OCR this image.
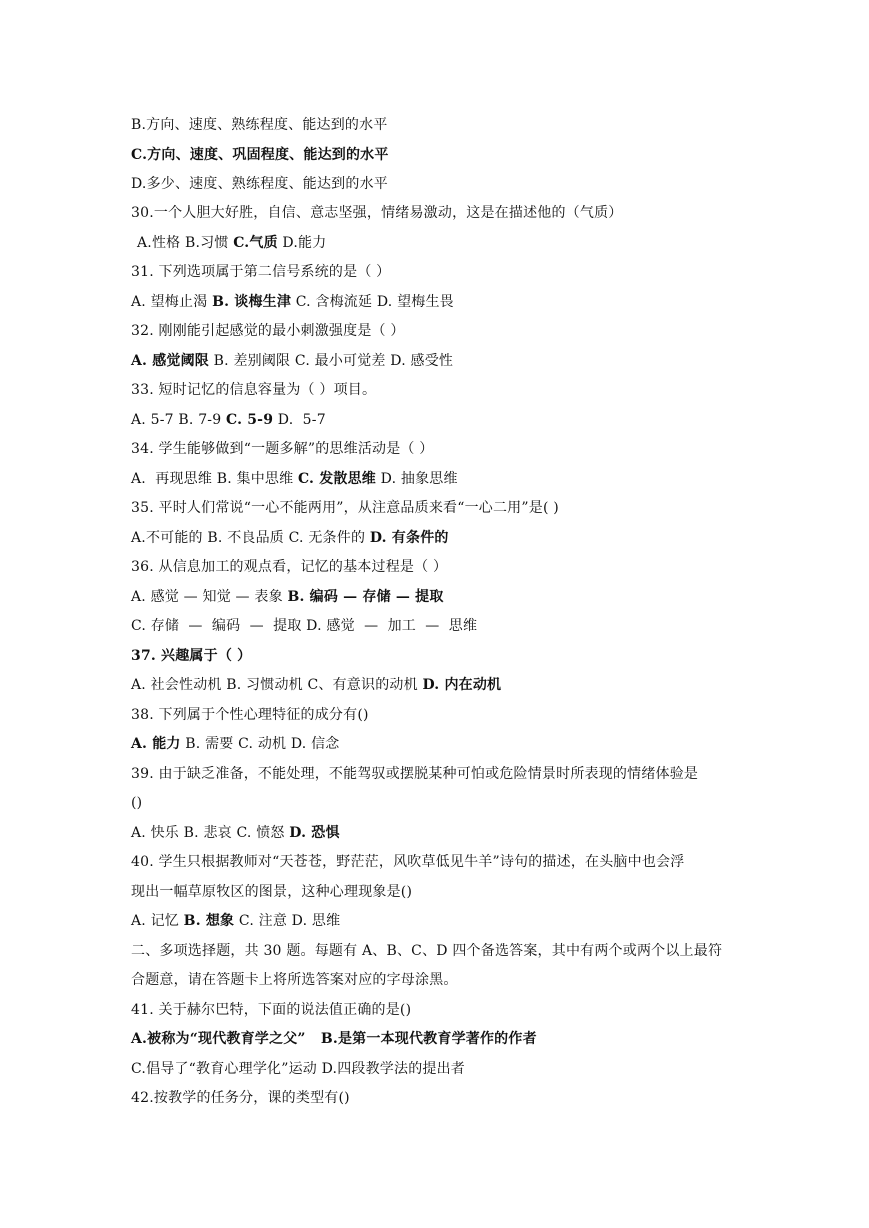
B.方向、速度、熟练程度、能达到的水平
C.方向、速度、巩固程度、能达到的水平
D.多少、速度、熟练程度、能达到的水平
30.一个人胆大好胜，自信、意志坚强，情绪易激动，这是在描述他的（气质）
A.性格 B.习惯 C.气质 D.能力
31. 下列选项属于第二信号系统的是（ ）
A. 望梅止渴 B. 谈梅生津 C. 含梅流延 D. 望梅生畏
32. 刚刚能引起感觉的最小刺激强度是（ ）
A. 感觉阈限 B. 差别阈限 C. 最小可觉差 D. 感受性
33. 短时记忆的信息容量为（ ）项目。
A. 5-7 B. 7-9 C. 5-9 D.  5-7
34. 学生能够做到“一题多解”的思维活动是（ ）
A.  再现思维 B. 集中思维 C. 发散思维 D. 抽象思维
35. 平时人们常说“一心不能两用”，从注意品质来看“一心二用”是( )
A.不可能的 B. 不良品质 C. 无条件的 D. 有条件的
36. 从信息加工的观点看，记忆的基本过程是（ ）
A. 感觉 — 知觉 — 表象 B. 编码 — 存储 — 提取
C. 存储  —  编码  —  提取 D. 感觉  —  加工  —  思维
37. 兴趣属于（ ）
A. 社会性动机 B. 习惯动机 C、有意识的动机 D. 内在动机
38. 下列属于个性心理特征的成分有()
A. 能力 B. 需要 C. 动机 D. 信念
39. 由于缺乏准备，不能处理，不能驾驭或摆脱某种可怕或危险情景时所表现的情绪体验是
()
A. 快乐 B. 悲哀 C. 愤怒 D. 恐惧
40. 学生只根据教师对“天苍苍，野茫茫，风吹草低见牛羊”诗句的描述，在头脑中也会浮
现出一幅草原牧区的图景，这种心理现象是()
A. 记忆 B. 想象 C. 注意 D. 思维
二、多项选择题，共 30 题。每题有 A、B、C、D 四个备选答案，其中有两个或两个以上最符
合题意，请在答题卡上将所选答案对应的字母涂黑。
41. 关于赫尔巴特，下面的说法值正确的是()
A.被称为“现代教育学之父”   B.是第一本现代教育学著作的作者
C.倡导了“教育心理学化”运动 D.四段教学法的提出者
42.按教学的任务分，课的类型有()
